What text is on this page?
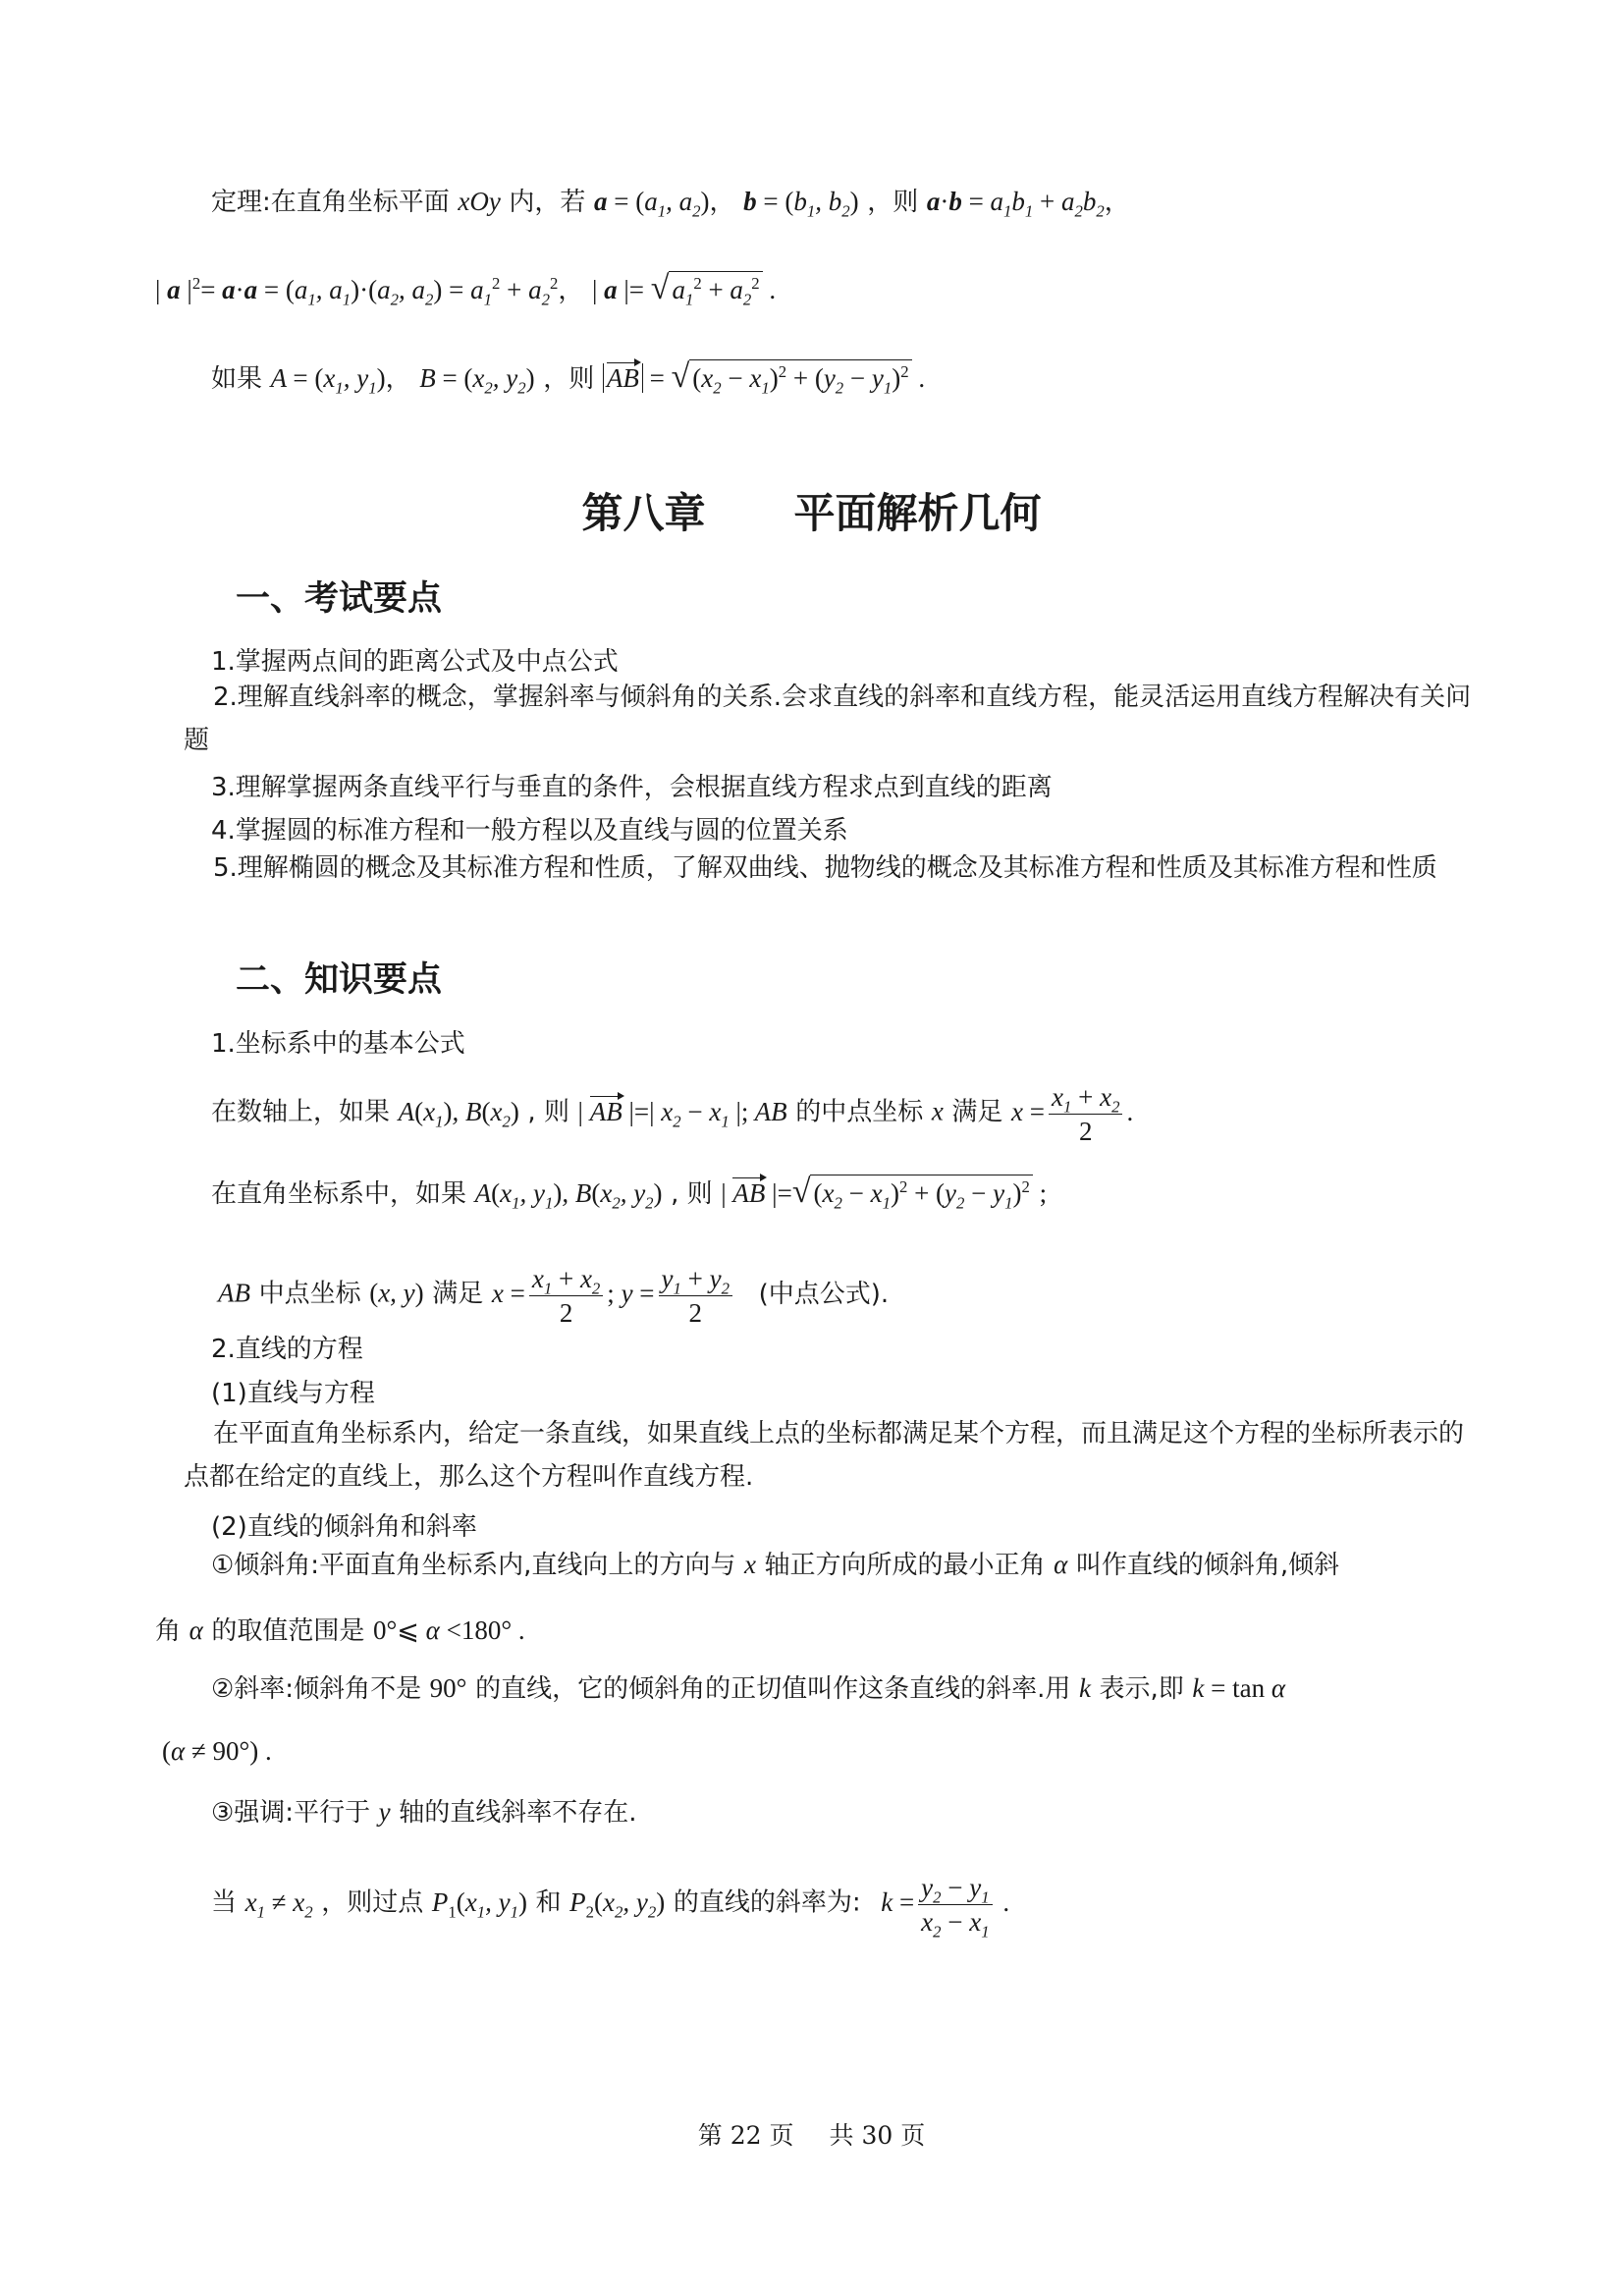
定理:在直角坐标平面 xOy 内，若 $a = (a_1$, $a_2$)， $b = (b_1$, $b_2$) ，则 $a\cdot b = a_1b_1 + a_2b_2$，
| a $|^2= a\cdot a = (a_1$, $a_1)\cdot(a_2$, $a_2) = a_1^2 + a_2^2$， | a |= √ $a_1^2 + a_2^2$ .
如果 $A = (x_1$, $y_1$)， $B = (x_2$, $y_2$) ，则 AB = √ $(x_2 - x_1)^2 + (y_2 - y_1)^2$ .
第八章 平面解析几何
一、考试要点
1.掌握两点间的距离公式及中点公式
2.理解直线斜率的概念，掌握斜率与倾斜角的关系.会求直线的斜率和直线方程，能灵活运用直线方程解决有关问题
3.理解掌握两条直线平行与垂直的条件，会根据直线方程求点到直线的距离
4.掌握圆的标准方程和一般方程以及直线与圆的位置关系
5.理解椭圆的概念及其标准方程和性质，了解双曲线、抛物线的概念及其标准方程和性质及其标准方程和性质
二、知识要点
1.坐标系中的基本公式
在数轴上，如果 $A(x_1)$, $B(x_2)$ , 则 | AB |=| $x_2 - x_1$ |; AB 的中点坐标 x 满足 $x = \frac{x_1 + x_2}{2}$ .
在直角坐标系中，如果 $A(x_1$, $y_1$), $B(x_2$, $y_2$) , 则 | AB |=√ $(x_2 - x_1)^2 + (y_2 - y_1)^2$ ;
AB 中点坐标 (x, y) 满足 $x = \frac{x_1 + x_2}{2}$ ; $y = \frac{y_1 + y_2}{2}$ (中点公式).
2.直线的方程
(1)直线与方程
在平面直角坐标系内，给定一条直线，如果直线上点的坐标都满足某个方程，而且满足这个方程的坐标所表示的点都在给定的直线上，那么这个方程叫作直线方程.
(2)直线的倾斜角和斜率
①倾斜角:平面直角坐标系内,直线向上的方向与 x 轴正方向所成的最小正角 α 叫作直线的倾斜角,倾斜
角 α 的取值范围是 0°⩽ α <180° .
②斜率:倾斜角不是 90° 的直线，它的倾斜角的正切值叫作这条直线的斜率.用 k 表示,即 k = tan α
(α ≠ 90°) .
③强调:平行于 y 轴的直线斜率不存在.
当 $x_1 \ne x_2$ ，则过点 $P_1(x_1$, $y_1$) 和 $P_2(x_2$, $y_2$) 的直线的斜率为: $k = \frac{y_2 - y_1}{x_2 - x_1}$ .
第 22 页 共 30 页
